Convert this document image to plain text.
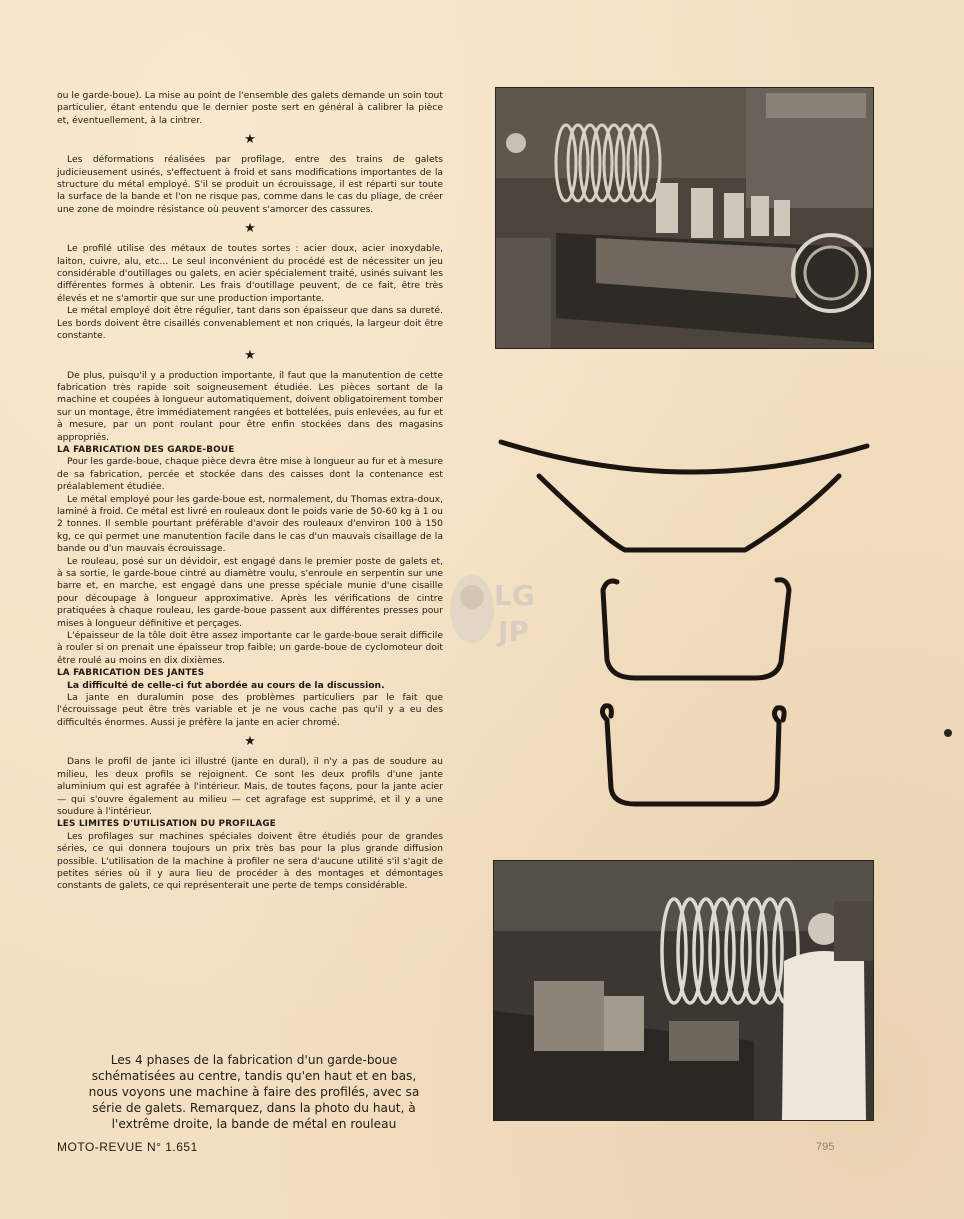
ou le garde-boue). La mise au point de l'ensemble des galets demande un soin tout particulier, étant entendu que le dernier poste sert en général à calibrer la pièce et, éventuellement, à la cintrer.

★

Les déformations réalisées par profilage, entre des trains de galets judicieusement usinés, s'effectuent à froid et sans modifications importantes de la structure du métal employé. S'il se produit un écrouissage, il est réparti sur toute la surface de la bande et l'on ne risque pas, comme dans le cas du pliage, de créer une zone de moindre résistance où peuvent s'amorcer des cassures.

★

Le profilé utilise des métaux de toutes sortes : acier doux, acier inoxydable, laiton, cuivre, alu, etc... Le seul inconvénient du procédé est de nécessiter un jeu considérable d'outillages ou galets, en acier spécialement traité, usinés suivant les différentes formes à obtenir. Les frais d'outillage peuvent, de ce fait, être très élevés et ne s'amortir que sur une production importante.

Le métal employé doit être régulier, tant dans son épaisseur que dans sa dureté. Les bords doivent être cisaillés convenablement et non criqués, la largeur doit être constante.

★

De plus, puisqu'il y a production importante, il faut que la manutention de cette fabrication très rapide soit soigneusement étudiée. Les pièces sortant de la machine et coupées à longueur automatiquement, doivent obligatoirement tomber sur un montage, être immédiatement rangées et bottelées, puis enlevées, au fur et à mesure, par un pont roulant pour être enfin stockées dans des magasins appropriés.

LA FABRICATION DES GARDE-BOUE

Pour les garde-boue, chaque pièce devra être mise à longueur au fur et à mesure de sa fabrication, percée et stockée dans des caisses dont la contenance est préalablement étudiée.

Le métal employé pour les garde-boue est, normalement, du Thomas extra-doux, laminé à froid. Ce métal est livré en rouleaux dont le poids varie de 50-60 kg à 1 ou 2 tonnes. Il semble pourtant préférable d'avoir des rouleaux d'environ 100 à 150 kg, ce qui permet une manutention facile dans le cas d'un mauvais cisaillage de la bande ou d'un mauvais écrouissage.

Le rouleau, posé sur un dévidoir, est engagé dans le premier poste de galets et, à sa sortie, le garde-boue cintré au diamètre voulu, s'enroule en serpentin sur une barre et, en marche, est engagé dans une presse spéciale munie d'une cisaille pour découpage à longueur approximative. Après les vérifications de cintre pratiquées à chaque rouleau, les garde-boue passent aux différentes presses pour mises à longueur définitive et perçages.

L'épaisseur de la tôle doit être assez importante car le garde-boue serait difficile à rouler si on prenait une épaisseur trop faible; un garde-boue de cyclomoteur doit être roulé au moins en dix dixièmes.

LA FABRICATION DES JANTES

La difficulté de celle-ci fut abordée au cours de la discussion.

La jante en duralumin pose des problèmes particuliers par le fait que l'écrouissage peut être très variable et je ne vous cache pas qu'il y a eu des difficultés énormes. Aussi je préfère la jante en acier chromé.

★

Dans le profil de jante ici illustré (jante en dural), il n'y a pas de soudure au milieu, les deux profils se rejoignent. Ce sont les deux profils d'une jante aluminium qui est agrafée à l'intérieur. Mais, de toutes façons, pour la jante acier — qui s'ouvre également au milieu — cet agrafage est supprimé, et il y a une soudure à l'intérieur.

LES LIMITES D'UTILISATION DU PROFILAGE

Les profilages sur machines spéciales doivent être étudiés pour de grandes séries, ce qui donnera toujours un prix très bas pour la plus grande diffusion possible. L'utilisation de la machine à profiler ne sera d'aucune utilité s'il s'agit de petites séries où il y aura lieu de procéder à des montages et démontages constants de galets, ce qui représenterait une perte de temps considérable.

LG
JP
Les 4 phases de la fabrication d'un garde-boue schématisées au centre, tandis qu'en haut et en bas, nous voyons une machine à faire des profilés, avec sa série de galets. Remarquez, dans la photo du haut, à l'extrême droite, la bande de métal en rouleau
MOTO-REVUE N° 1.651	795
